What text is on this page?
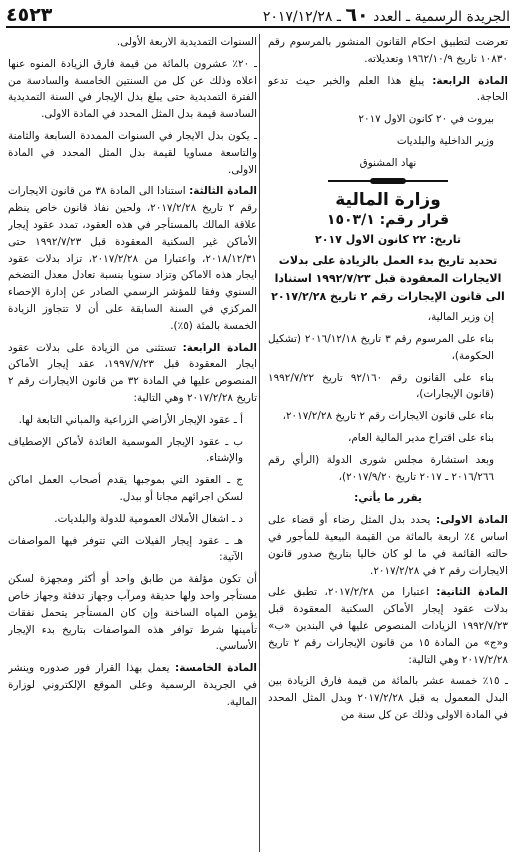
الجريدة الرسمية ـ العدد ٦٠ ـ ٢٠١٧/١٢/٢٨
٤٥٢٣

تعرضت لتطبيق احكام القانون المنشور بالمرسوم رقم ١٠٨٣٠ تاريخ ١٩٦٢/١٠/٩ وتعديلاته.

المادة الرابعة: يبلغ هذا العلم والخبر حيث تدعو الحاجة.

بيروت في ٢٠ كانون الاول ٢٠١٧

وزير الداخلية والبلديات

نهاد المشنوق

وزارة المالية
قرار رقم: ١٥٠٣/١

تاريخ: ٢٢ كانون الاول ٢٠١٧

تحديد تاريخ بدء العمل بالزيادة على بدلات الايجارات المعقودة قبل ١٩٩٢/٧/٢٣ استنادا الى قانون الإيجارات رقم ٢ تاريخ ٢٠١٧/٢/٢٨

إن وزير المالية،

بناء على المرسوم رقم ٣ تاريخ ٢٠١٦/١٢/١٨ (تشكيل الحكومة)،

بناء على القانون رقم ٩٢/١٦٠ تاريخ ١٩٩٢/٧/٢٢ (قانون الإيجارات)،

بناء على قانون الايجارات رقم ٢ تاريخ ٢٠١٧/٢/٢٨،

بناء على اقتراح مدير المالية العام،

وبعد استشارة مجلس شورى الدولة (الرأي رقم ٢٠١٦/٢٦٦ ـ ٢٠١٧ تاريخ ٢٠١٧/٩/٢٠)،

يقرر ما يأتي:

المادة الاولى: يحدد بدل المثل رضاء أو قضاء على اساس ٤٪ اربعة بالمائة من القيمة البيعية للمأجور في حالته القائمة في ما لو كان خاليا بتاريخ صدور قانون الايجارات رقم ٢ في ٢٠١٧/٢/٢٨.

المادة الثانية: اعتبارا من ٢٠١٧/٢/٢٨، تطبق على بدلات عقود إيجار الأماكن السكنية المعقودة قبل ١٩٩٢/٧/٢٣ الزيادات المنصوص عليها في البندين «ب» و«ج» من المادة ١٥ من قانون الإيجارات رقم ٢ تاريخ ٢٠١٧/٢/٢٨ وهي التالية:

ـ ١٥٪ خمسة عشر بالمائة من قيمة فارق الزيادة بين البدل المعمول به قبل ٢٠١٧/٢/٢٨ وبدل المثل المحدد في المادة الاولى وذلك عن كل سنة من

السنوات التمديدية الاربعة الأولى.

ـ ٢٠٪ عشرون بالمائة من قيمة فارق الزيادة المنوه عنها اعلاه وذلك عن كل من السنتين الخامسة والسادسة من الفترة التمديدية حتى يبلغ بدل الإيجار في السنة التمديدية السادسة قيمة بدل المثل المحدد في المادة الاولى.

ـ يكون بدل الايجار في السنوات الممددة السابعة والثامنة والتاسعة مساويا لقيمة بدل المثل المحدد في المادة الاولى.

المادة الثالثة: استنادا الى المادة ٣٨ من قانون الايجارات رقم ٢ تاريخ ٢٠١٧/٢/٢٨، ولحين نفاذ قانون خاص ينظم علاقة المالك بالمستأجر في هذه العقود، تمدد عقود إيجار الأماكن غير السكنية المعقودة قبل ١٩٩٢/٧/٢٣ حتى ٢٠١٨/١٢/٣١، واعتبارا من ٢٠١٧/٢/٢٨، تزاد بدلات عقود ايجار هذه الاماكن وتزاد سنويا بنسبة تعادل معدل التضخم السنوي وفقا للمؤشر الرسمي الصادر عن إدارة الإحصاء المركزي في السنة السابقة على أن لا تتجاوز الزيادة الخمسة بالمئة (٥٪).

المادة الرابعة: تستثنى من الزيادة على بدلات عقود ايجار المعقودة قبل ١٩٩٧/٧/٢٣، عقد إيجار الأماكن المنصوص عليها في المادة ٣٢ من قانون الايجارات رقم ٢ تاريخ ٢٠١٧/٢/٢٨ وهي التالية:

أ ـ عقود الإيجار الأراضي الزراعية والمباني التابعة لها.

ب ـ عقود الإيجار الموسمية العائدة لأماكن الإصطياف والإشتاء.

ج ـ العقود التي بموجبها يقدم أصحاب العمل اماكن لسكن اجرائهم مجانا أو ببدل.

د ـ اشغال الأملاك العمومية للدولة والبلديات.

هـ ـ عقود إيجار الفيلات التي تتوفر فيها المواصفات الآتية:

أن تكون مؤلفة من طابق واحد أو أكثر ومجهزة لسكن مستأجر واحد ولها حديقة ومرآب وجهاز تدفئة وجهاز خاص يؤمن المياه الساخنة وإن كان المستأجر يتحمل نفقات تأمينها شرط توافر هذه المواصفات بتاريخ بدء الإيجار الأساسي.

المادة الخامسة: يعمل بهذا القرار فور صدوره وينشر في الجريدة الرسمية وعلى الموقع الإلكتروني لوزارة المالية.
